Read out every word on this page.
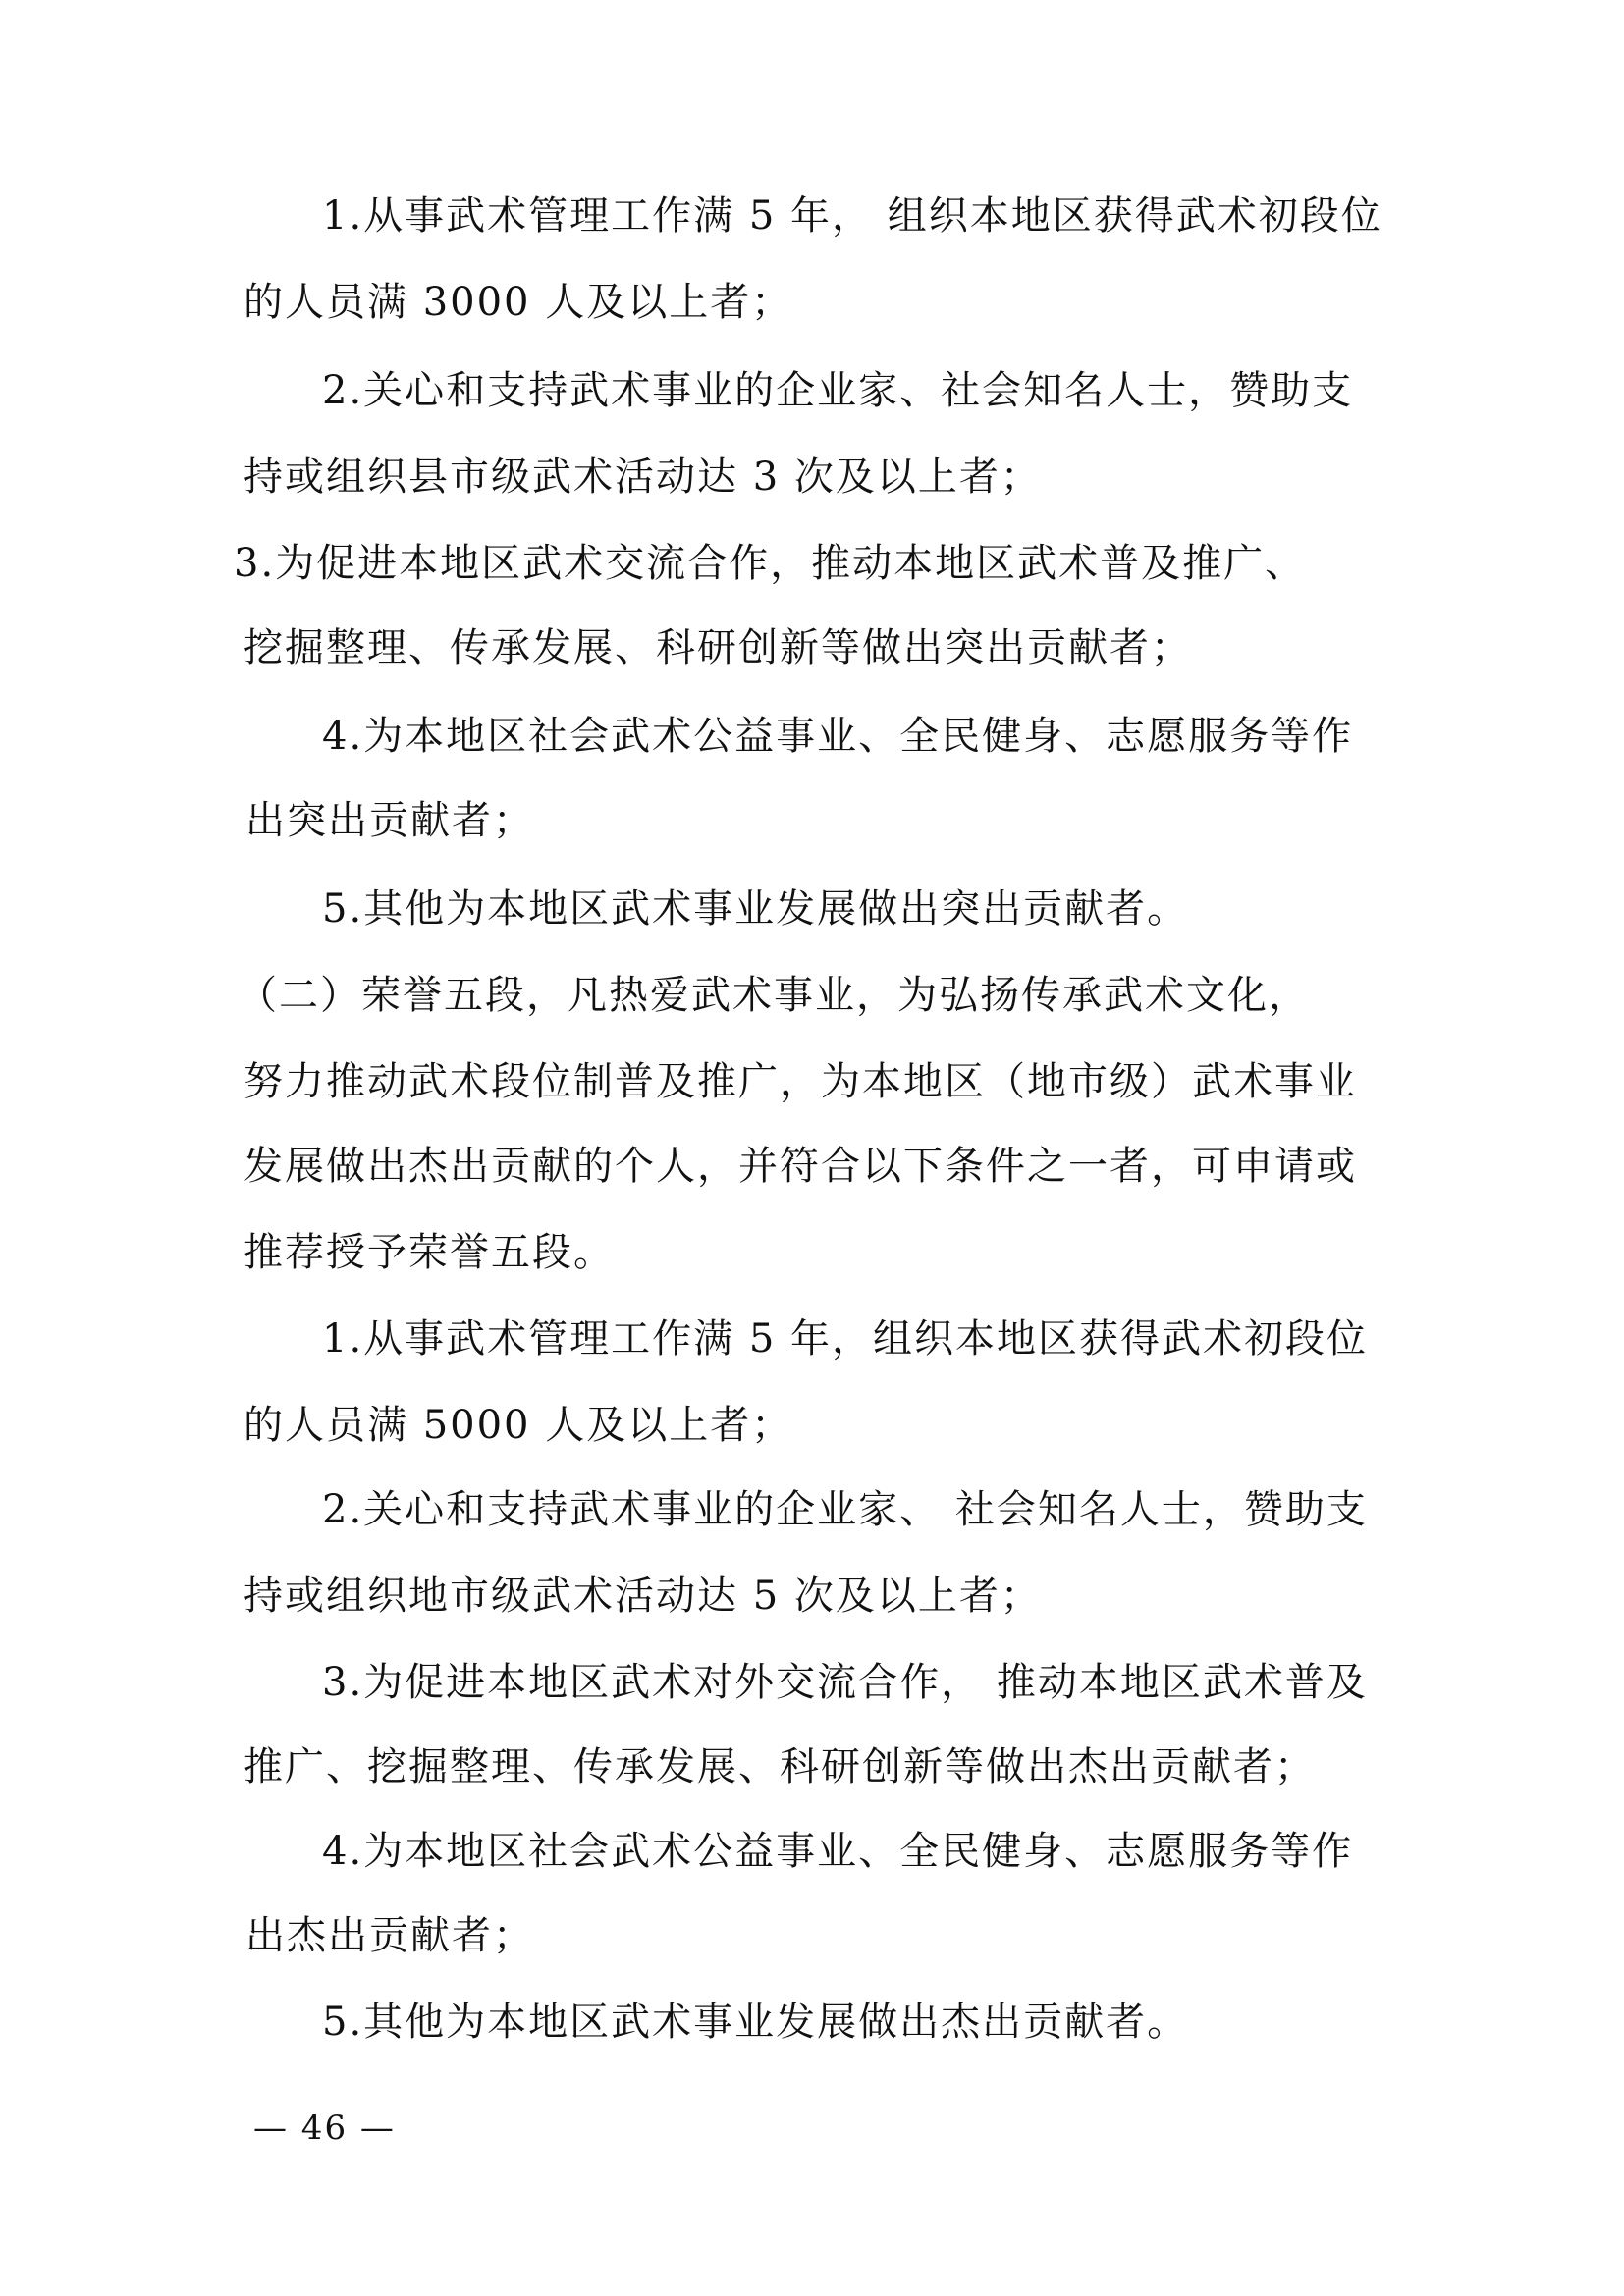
1.从事武术管理工作满 5 年， 组织本地区获得武术初段位
的人员满 3000 人及以上者；
2.关心和支持武术事业的企业家、社会知名人士，赞助支
持或组织县市级武术活动达 3 次及以上者；
3.为促进本地区武术交流合作，推动本地区武术普及推广、
挖掘整理、传承发展、科研创新等做出突出贡献者；
4.为本地区社会武术公益事业、全民健身、志愿服务等作
出突出贡献者；
5.其他为本地区武术事业发展做出突出贡献者。
（二）荣誉五段，凡热爱武术事业，为弘扬传承武术文化，
努力推动武术段位制普及推广，为本地区（地市级）武术事业
发展做出杰出贡献的个人，并符合以下条件之一者，可申请或
推荐授予荣誉五段。
1.从事武术管理工作满 5 年，组织本地区获得武术初段位
的人员满 5000 人及以上者；
2.关心和支持武术事业的企业家、 社会知名人士，赞助支
持或组织地市级武术活动达 5 次及以上者；
3.为促进本地区武术对外交流合作， 推动本地区武术普及
推广、挖掘整理、传承发展、科研创新等做出杰出贡献者；
4.为本地区社会武术公益事业、全民健身、志愿服务等作
出杰出贡献者；
5.其他为本地区武术事业发展做出杰出贡献者。
— 46 —
